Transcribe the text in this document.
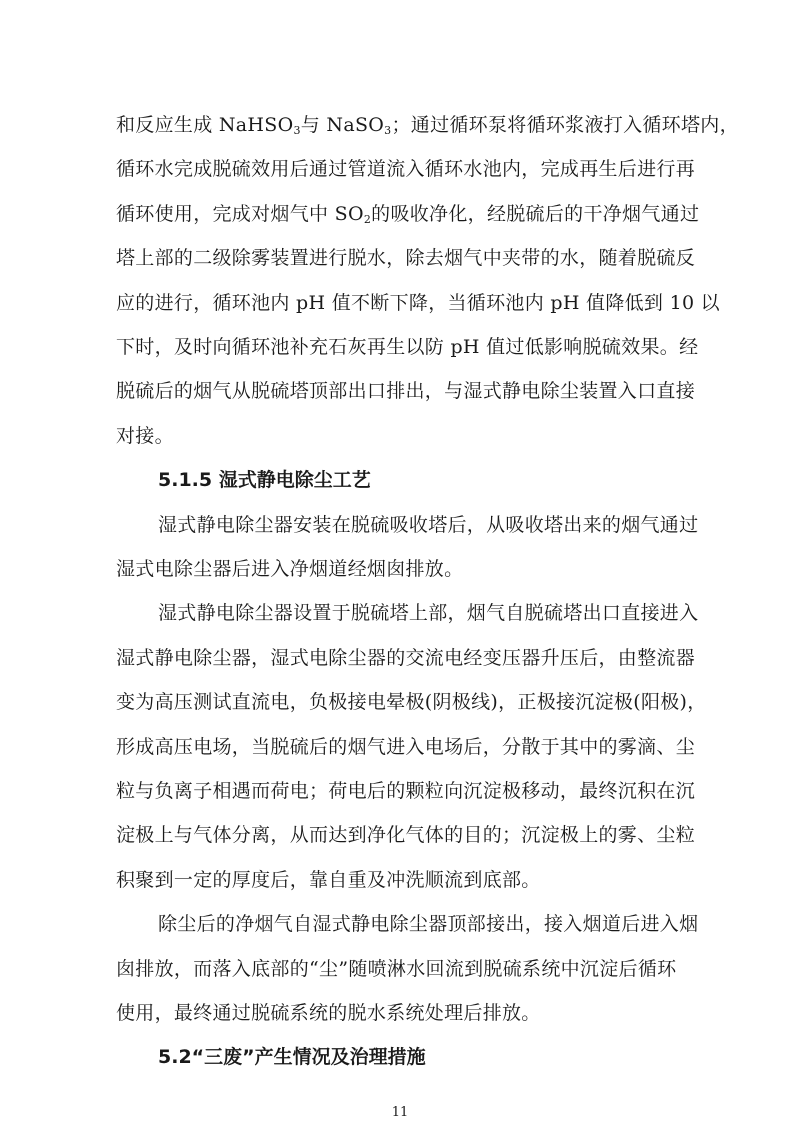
和反应生成 NaHSO$_3$与 NaSO$_3$；通过循环泵将循环浆液打入循环塔内，
循环水完成脱硫效用后通过管道流入循环水池内，完成再生后进行再
循环使用，完成对烟气中 $SO_2$的吸收净化，经脱硫后的干净烟气通过
塔上部的二级除雾装置进行脱水，除去烟气中夹带的水，随着脱硫反
应的进行，循环池内 pH 值不断下降，当循环池内 pH 值降低到 10 以
下时，及时向循环池补充石灰再生以防 pH 值过低影响脱硫效果。经
脱硫后的烟气从脱硫塔顶部出口排出，与湿式静电除尘装置入口直接
对接。
5.1.5 湿式静电除尘工艺
湿式静电除尘器安装在脱硫吸收塔后，从吸收塔出来的烟气通过
湿式电除尘器后进入净烟道经烟囱排放。
湿式静电除尘器设置于脱硫塔上部，烟气自脱硫塔出口直接进入
湿式静电除尘器，湿式电除尘器的交流电经变压器升压后，由整流器
变为高压测试直流电，负极接电晕极(阴极线)，正极接沉淀极(阳极)，
形成高压电场，当脱硫后的烟气进入电场后，分散于其中的雾滴、尘
粒与负离子相遇而荷电；荷电后的颗粒向沉淀极移动，最终沉积在沉
淀极上与气体分离，从而达到净化气体的目的；沉淀极上的雾、尘粒
积聚到一定的厚度后，靠自重及冲洗顺流到底部。
除尘后的净烟气自湿式静电除尘器顶部接出，接入烟道后进入烟
囱排放，而落入底部的“尘”随喷淋水回流到脱硫系统中沉淀后循环
使用，最终通过脱硫系统的脱水系统处理后排放。
5.2“三废”产生情况及治理措施
11
